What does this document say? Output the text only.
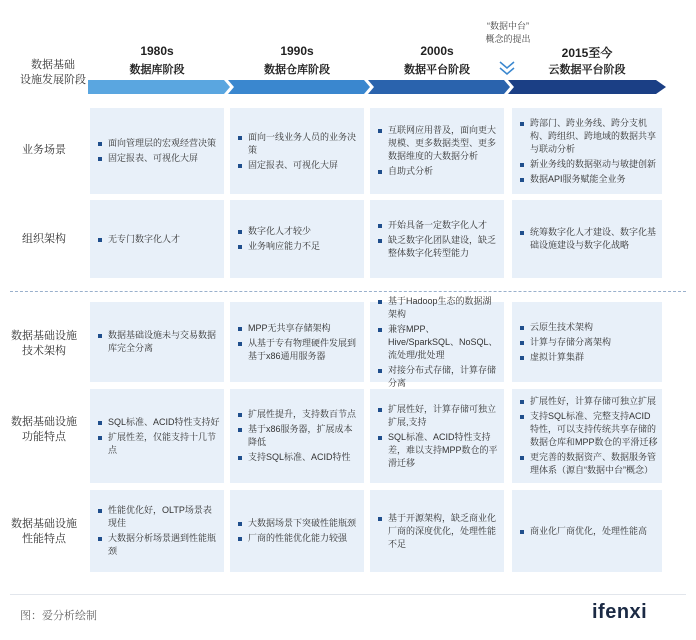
数据基础
设施发展阶段
“数据中台”
概念的提出
1980s
数据库阶段
1990s
数据仓库阶段
2000s
数据平台阶段
2015至今
云数据平台阶段
业务场景
组织架构
数据基础设施
技术架构
数据基础设施
功能特点
数据基础设施
性能特点
面向管理层的宏观经营决策
固定报表、可视化大屏
面向一线业务人员的业务决策
固定报表、可视化大屏
互联网应用普及，面向更大规模、更多数据类型、更多数据维度的大数据分析
自助式分析
跨部门、跨业务线、跨分支机构、跨组织、跨地域的数据共享与联动分析
新业务线的数据驱动与敏捷创新
数据API服务赋能全业务
无专门数字化人才
数字化人才较少
业务响应能力不足
开始具备一定数字化人才
缺乏数字化团队建设，缺乏整体数字化转型能力
统筹数字化人才建设、数字化基础设施建设与数字化战略
数据基础设施未与交易数据库完全分离
MPP无共享存储架构
从基于专有物理硬件发展到基于x86通用服务器
基于Hadoop生态的数据湖架构
兼容MPP、Hive/SparkSQL、NoSQL、流处理/批处理
对接分布式存储，计算存储分离
云原生技术架构
计算与存储分离架构
虚拟计算集群
SQL标准、ACID特性支持好
扩展性差，仅能支持十几节点
扩展性提升，支持数百节点
基于x86服务器，扩展成本降低
支持SQL标准、ACID特性
扩展性好，计算存储可独立扩展,支持
SQL标准、ACID特性支持差，难以支持MPP数仓的平滑迁移
扩展性好，计算存储可独立扩展
支持SQL标准、完整支持ACID特性，可以支持传统共享存储的数据仓库和MPP数仓的平滑迁移
更完善的数据资产、数据服务管理体系（源自“数据中台”概念）
性能优化好，OLTP场景表现佳
大数据分析场景遇到性能瓶颈
大数据场景下突破性能瓶颈
厂商的性能优化能力较强
基于开源架构，缺乏商业化厂商的深度优化，处理性能不足
商业化厂商优化，处理性能高
图：爱分析绘制	ifenxi
